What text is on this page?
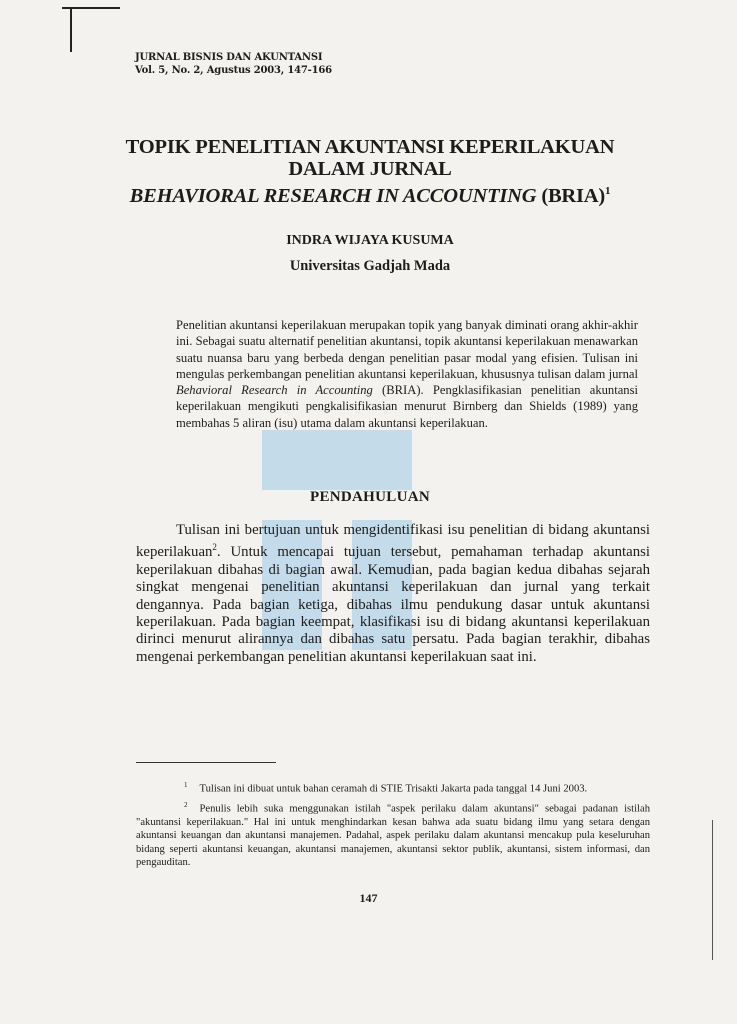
JURNAL BISNIS DAN AKUNTANSI
Vol. 5, No. 2, Agustus 2003, 147-166
TOPIK PENELITIAN AKUNTANSI KEPERILAKUAN
DALAM JURNAL
BEHAVIORAL RESEARCH IN ACCOUNTING (BRIA)$^1$
INDRA WIJAYA KUSUMA
Universitas Gadjah Mada

Penelitian akuntansi keperilakuan merupakan topik yang banyak diminati orang akhir-akhir ini. Sebagai suatu alternatif penelitian akuntansi, topik akuntansi keperilakuan menawarkan suatu nuansa baru yang berbeda dengan penelitian pasar modal yang efisien. Tulisan ini mengulas perkembangan penelitian akuntansi keperilakuan, khususnya tulisan dalam jurnal Behavioral Research in Accounting (BRIA). Pengklasifikasian penelitian akuntansi keperilakuan mengikuti pengkalisifikasian menurut Birnberg dan Shields (1989) yang membahas 5 aliran (isu) utama dalam akuntansi keperilakuan.

PENDAHULUAN

Tulisan ini bertujuan untuk mengidentifikasi isu penelitian di bidang akuntansi keperilakuan$^2$. Untuk mencapai tujuan tersebut, pemahaman terhadap akuntansi keperilakuan dibahas di bagian awal. Kemudian, pada bagian kedua dibahas sejarah singkat mengenai penelitian akuntansi keperilakuan dan jurnal yang terkait dengannya. Pada bagian ketiga, dibahas ilmu pendukung dasar untuk akuntansi keperilakuan. Pada bagian keempat, klasifikasi isu di bidang akuntansi keperilakuan dirinci menurut alirannya dan dibahas satu persatu. Pada bagian terakhir, dibahas mengenai perkembangan penelitian akuntansi keperilakuan saat ini.

$^1$ Tulisan ini dibuat untuk bahan ceramah di STIE Trisakti Jakarta pada tanggal 14 Juni 2003.

$^2$ Penulis lebih suka menggunakan istilah "aspek perilaku dalam akuntansi" sebagai padanan istilah "akuntansi keperilakuan." Hal ini untuk menghindarkan kesan bahwa ada suatu bidang ilmu yang setara dengan akuntansi keuangan dan akuntansi manajemen. Padahal, aspek perilaku dalam akuntansi mencakup pula keseluruhan bidang seperti akuntansi keuangan, akuntansi manajemen, akuntansi sektor publik, akuntansi, sistem informasi, dan pengauditan.

147
